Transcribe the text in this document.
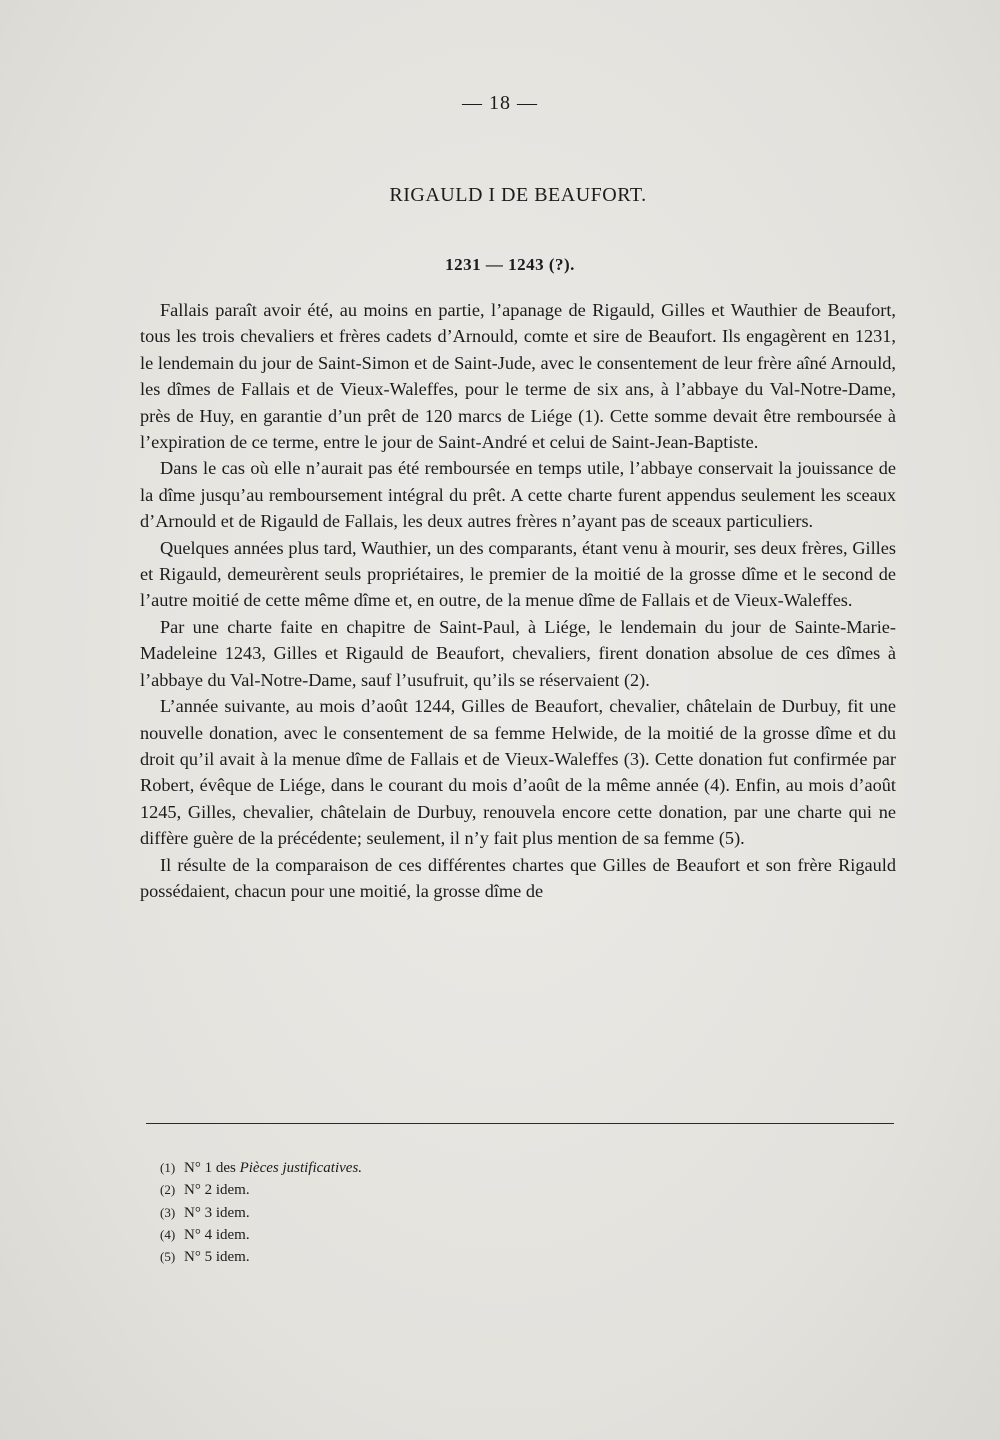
— 18 —
RIGAULD I DE BEAUFORT.
1231 — 1243 (?).

Fallais paraît avoir été, au moins en partie, l’apanage de Rigauld, Gilles et Wauthier de Beaufort, tous les trois chevaliers et frères cadets d’Arnould, comte et sire de Beaufort. Ils engagèrent en 1231, le lendemain du jour de Saint-Simon et de Saint-Jude, avec le consentement de leur frère aîné Arnould, les dîmes de Fallais et de Vieux-Waleffes, pour le terme de six ans, à l’abbaye du Val-Notre-Dame, près de Huy, en garantie d’un prêt de 120 marcs de Liége (1). Cette somme devait être remboursée à l’expiration de ce terme, entre le jour de Saint-André et celui de Saint-Jean-Baptiste.

Dans le cas où elle n’aurait pas été remboursée en temps utile, l’abbaye conservait la jouissance de la dîme jusqu’au remboursement intégral du prêt. A cette charte furent appendus seulement les sceaux d’Arnould et de Rigauld de Fallais, les deux autres frères n’ayant pas de sceaux particuliers.

Quelques années plus tard, Wauthier, un des comparants, étant venu à mourir, ses deux frères, Gilles et Rigauld, demeurèrent seuls propriétaires, le premier de la moitié de la grosse dîme et le second de l’autre moitié de cette même dîme et, en outre, de la menue dîme de Fallais et de Vieux-Waleffes.

Par une charte faite en chapitre de Saint-Paul, à Liége, le lendemain du jour de Sainte-Marie-Madeleine 1243, Gilles et Rigauld de Beaufort, chevaliers, firent donation absolue de ces dîmes à l’abbaye du Val-Notre-Dame, sauf l’usufruit, qu’ils se réservaient (2).

L’année suivante, au mois d’août 1244, Gilles de Beaufort, chevalier, châtelain de Durbuy, fit une nouvelle donation, avec le consentement de sa femme Helwide, de la moitié de la grosse dîme et du droit qu’il avait à la menue dîme de Fallais et de Vieux-Waleffes (3). Cette donation fut confirmée par Robert, évêque de Liége, dans le courant du mois d’août de la même année (4). Enfin, au mois d’août 1245, Gilles, chevalier, châtelain de Durbuy, renouvela encore cette donation, par une charte qui ne diffère guère de la précédente; seulement, il n’y fait plus mention de sa femme (5).

Il résulte de la comparaison de ces différentes chartes que Gilles de Beaufort et son frère Rigauld possédaient, chacun pour une moitié, la grosse dîme de

(1) N° 1 des Pièces justificatives.
(2) N° 2 idem.
(3) N° 3 idem.
(4) N° 4 idem.
(5) N° 5 idem.
